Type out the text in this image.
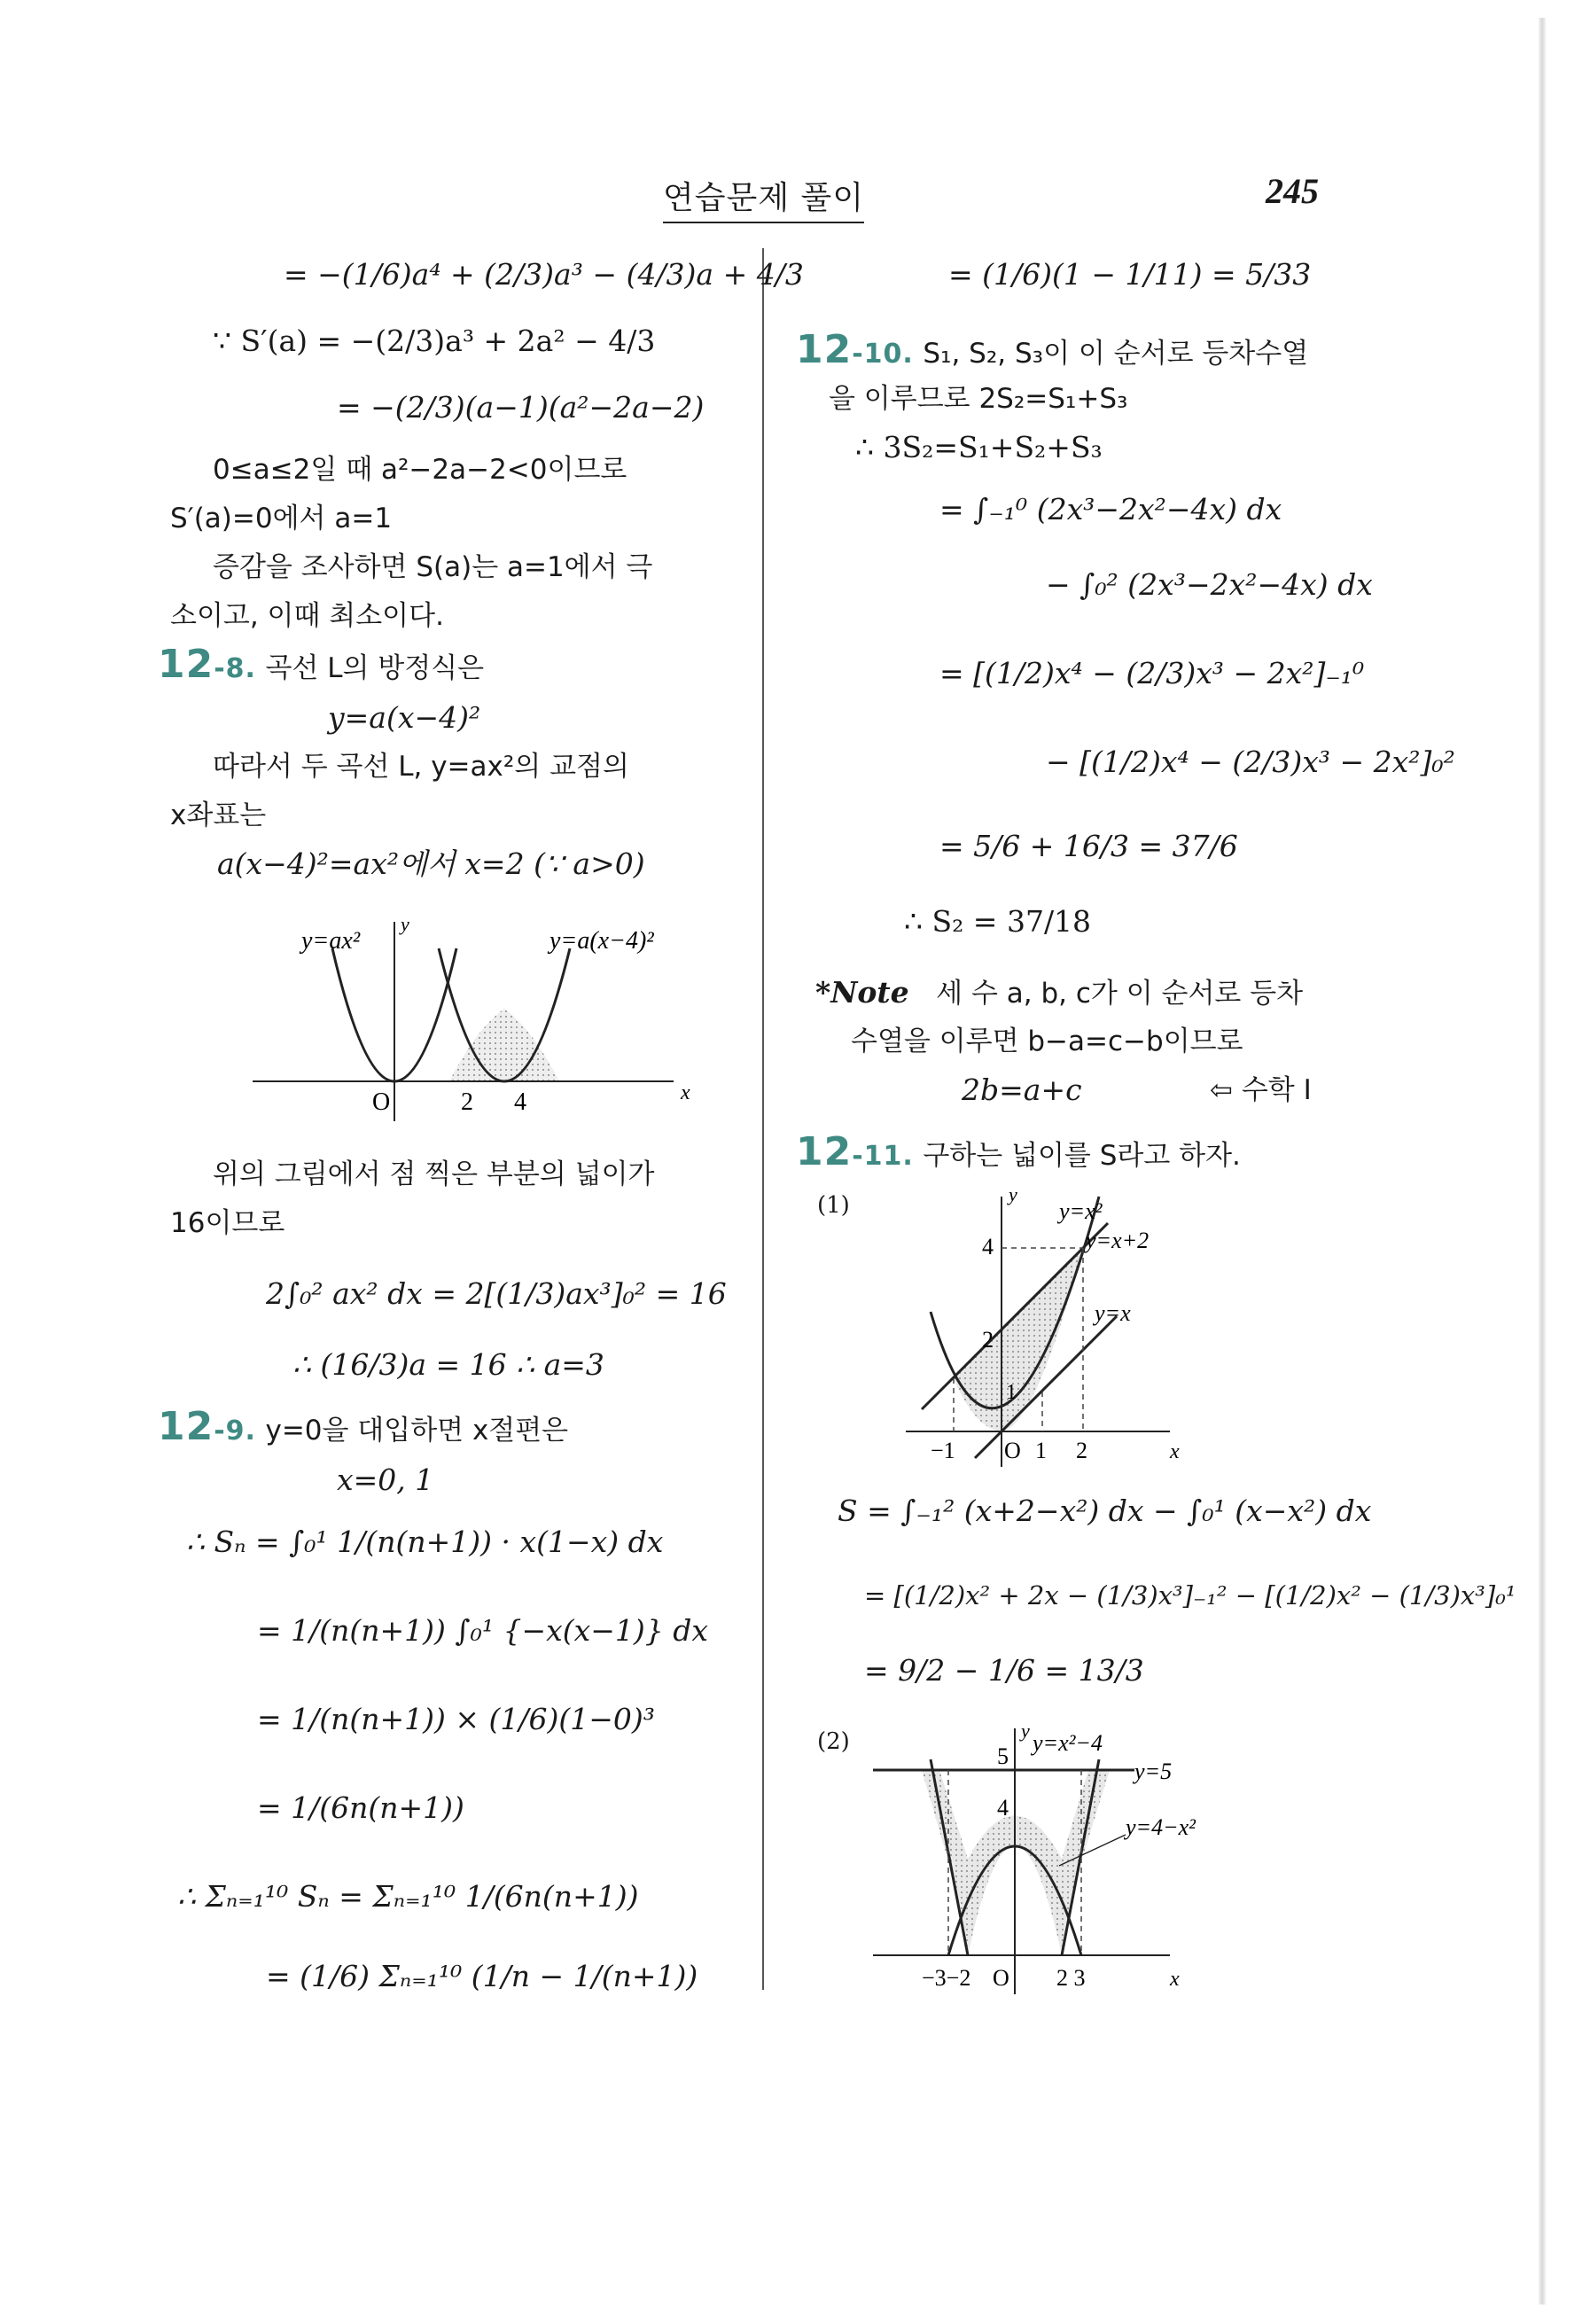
연습문제 풀이	245
= −(1/6)a⁴ + (2/3)a³ − (4/3)a + 4/3
∵ S′(a) = −(2/3)a³ + 2a² − 4/3
= −(2/3)(a−1)(a²−2a−2)
0≤a≤2일 때 a²−2a−2<0이므로
S′(a)=0에서 a=1
증감을 조사하면 S(a)는 a=1에서 극
소이고, 이때 최소이다.
12-8. 곡선 L의 방정식은
y=a(x−4)²
따라서 두 곡선 L, y=ax²의 교점의
x좌표는
a(x−4)²=ax²에서 x=2 (∵ a>0)
y=ax²	y=a(x−4)²
y
x
O	2 4
위의 그림에서 점 찍은 부분의 넓이가
16이므로
2∫₀² ax² dx = 2[(1/3)ax³]₀² = 16
∴ (16/3)a = 16 ∴ a=3
12-9. y=0을 대입하면 x절편은
x=0, 1
∴ Sₙ = ∫₀¹ 1/(n(n+1)) · x(1−x) dx
= 1/(n(n+1)) ∫₀¹ {−x(x−1)} dx
= 1/(n(n+1)) × (1/6)(1−0)³
= 1/(6n(n+1))
∴ Σₙ₌₁¹⁰ Sₙ = Σₙ₌₁¹⁰ 1/(6n(n+1))
= (1/6) Σₙ₌₁¹⁰ (1/n − 1/(n+1))
= (1/6)(1 − 1/11) = 5/33
12-10. S₁, S₂, S₃이 이 순서로 등차수열
을 이루므로 2S₂=S₁+S₃
∴ 3S₂=S₁+S₂+S₃
= ∫₋₁⁰ (2x³−2x²−4x) dx
− ∫₀² (2x³−2x²−4x) dx
= [(1/2)x⁴ − (2/3)x³ − 2x²]₋₁⁰
− [(1/2)x⁴ − (2/3)x³ − 2x²]₀²
= 5/6 + 16/3 = 37/6
∴ S₂ = 37/18
*Note 세 수 a, b, c가 이 순서로 등차
수열을 이루면 b−a=c−b이므로
2b=a+c	⇦ 수학 I
12-11. 구하는 넓이를 S라고 하자.
(1)	y=x²
y=x+2
y=x
y
x
4
2
1
−1 O 1 2
S = ∫₋₁² (x+2−x²) dx − ∫₀¹ (x−x²) dx
= [(1/2)x² + 2x − (1/3)x³]₋₁² − [(1/2)x² − (1/3)x³]₀¹
= 9/2 − 1/6 = 13/3
(2)	y=x²−4
y=5
y=4−x²
y
x
5
4
−3−2 O 2 3
